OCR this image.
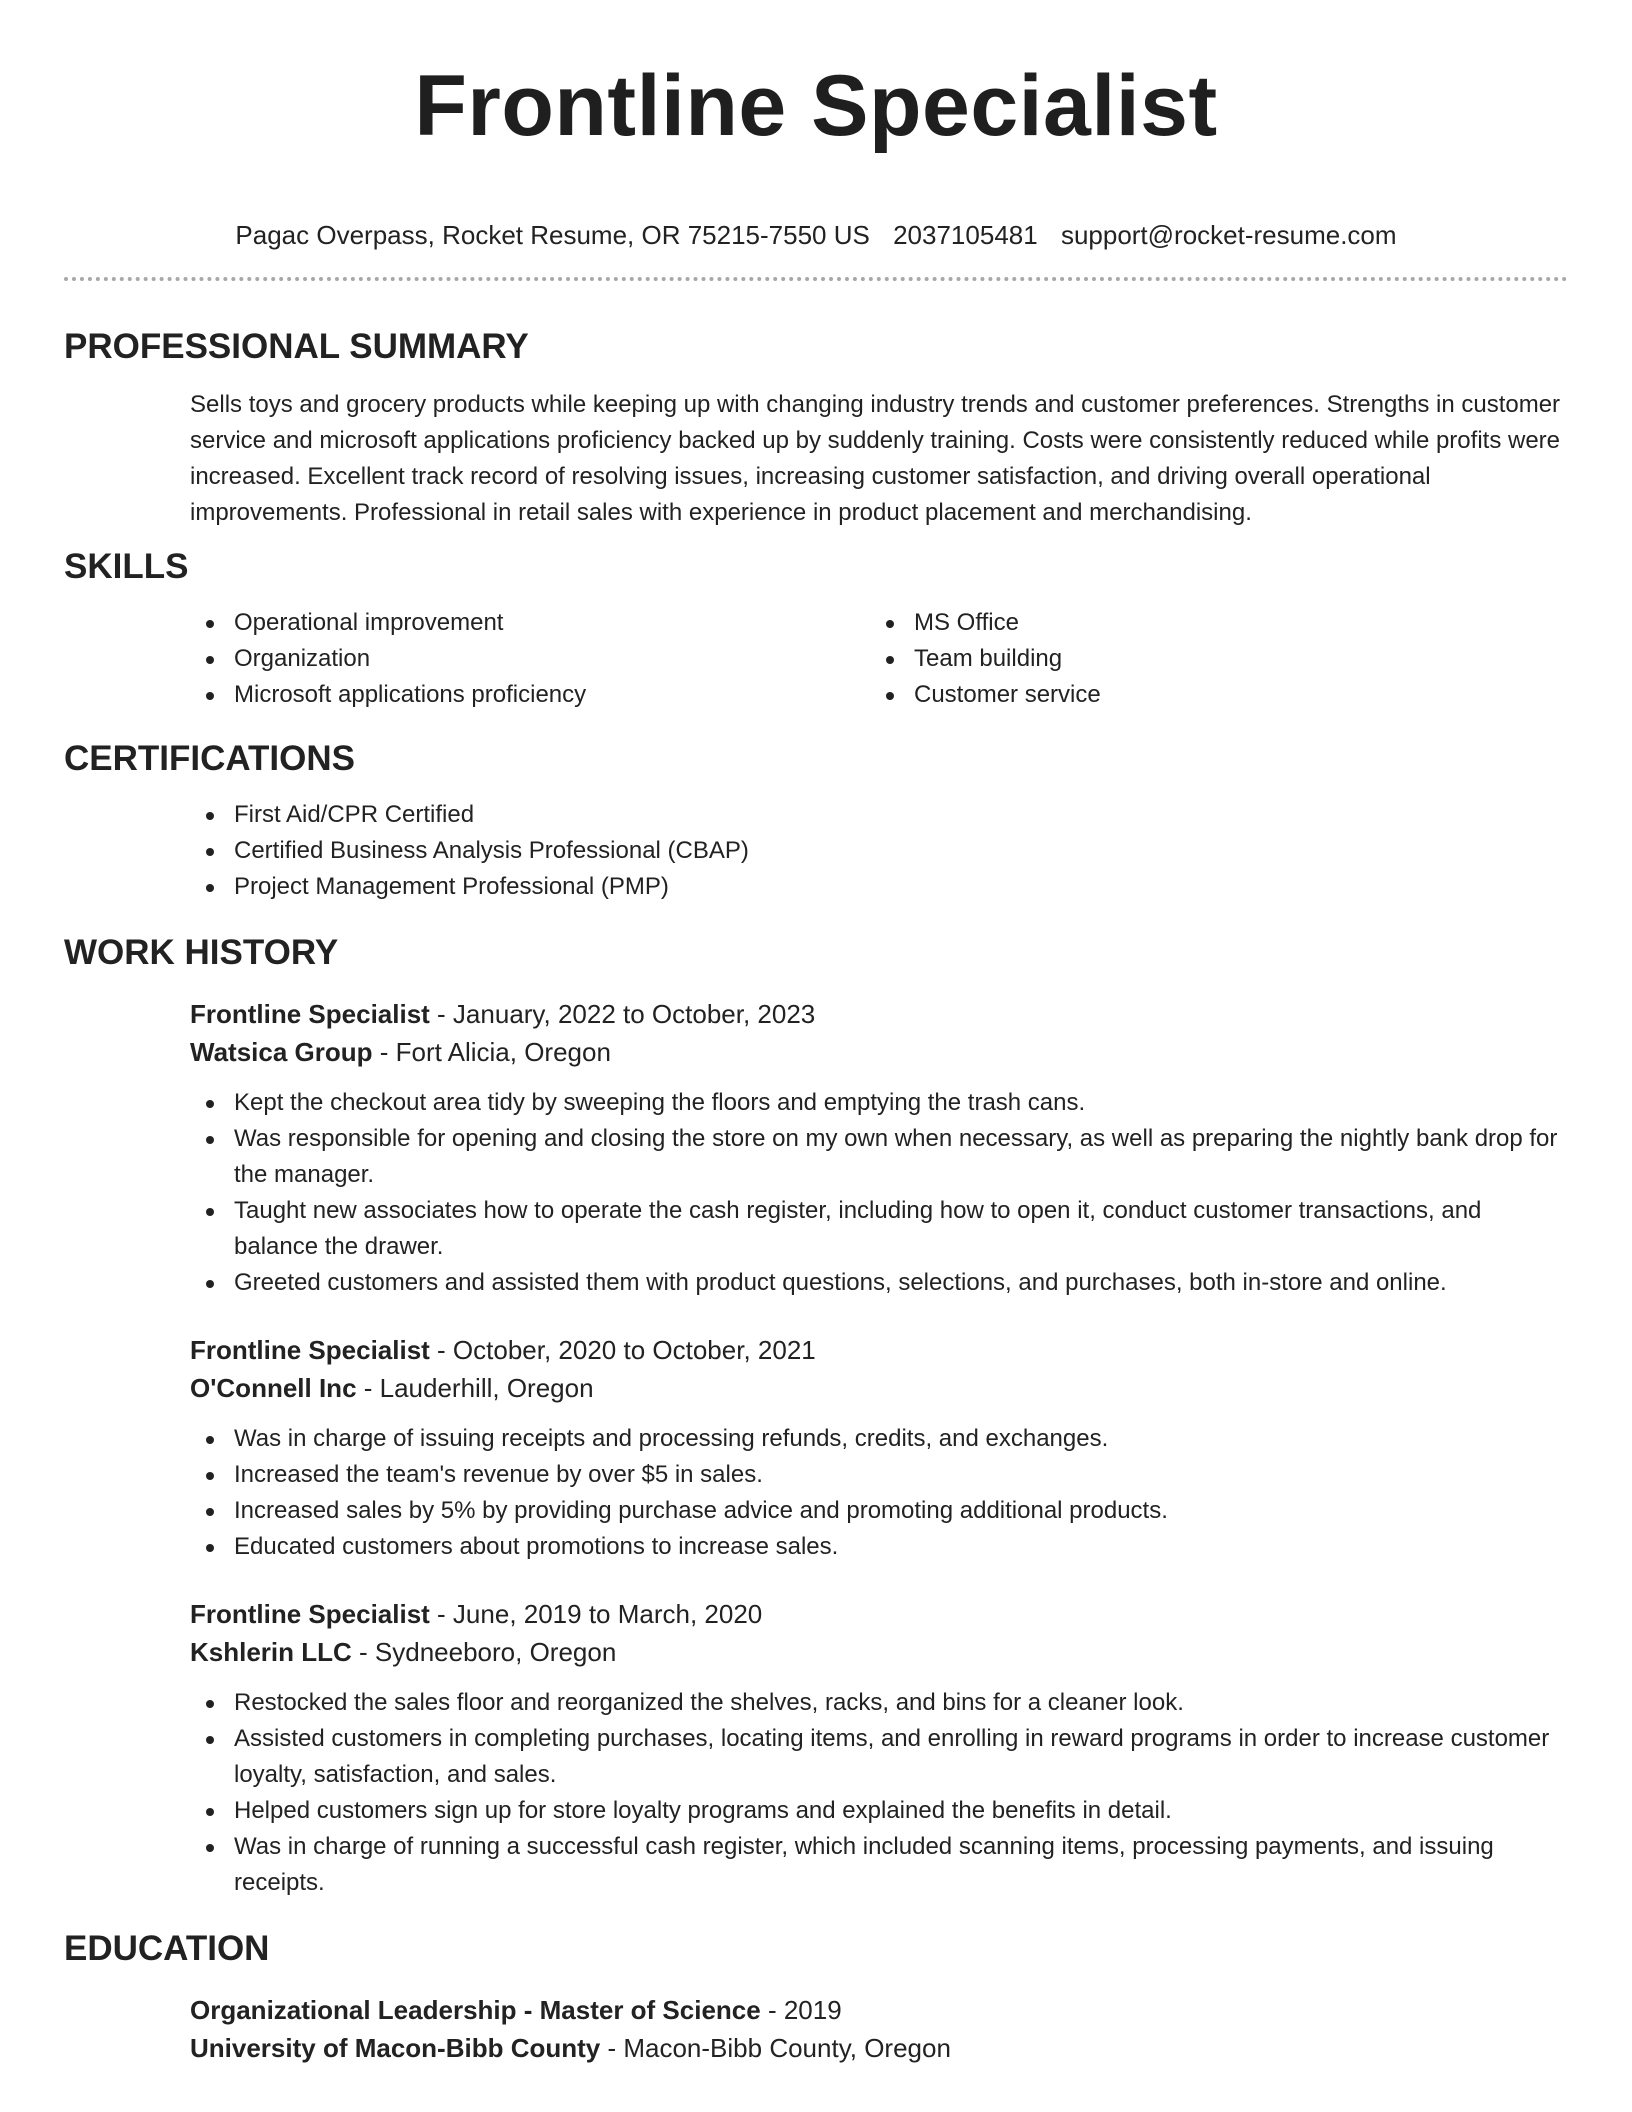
Frontline Specialist
Pagac Overpass, Rocket Resume, OR 75215-7550 US 2037105481 support@rocket-resume.com
PROFESSIONAL SUMMARY

Sells toys and grocery products while keeping up with changing industry trends and customer preferences. Strengths in customer service and microsoft applications proficiency backed up by suddenly training. Costs were consistently reduced while profits were increased. Excellent track record of resolving issues, increasing customer satisfaction, and driving overall operational improvements. Professional in retail sales with experience in product placement and merchandising.

SKILLS
Operational improvement
Organization
Microsoft applications proficiency
MS Office
Team building
Customer service
CERTIFICATIONS
First Aid/CPR Certified
Certified Business Analysis Professional (CBAP)
Project Management Professional (PMP)
WORK HISTORY
Frontline Specialist - January, 2022 to October, 2023
Watsica Group - Fort Alicia, Oregon
Kept the checkout area tidy by sweeping the floors and emptying the trash cans.
Was responsible for opening and closing the store on my own when necessary, as well as preparing the nightly bank drop for the manager.
Taught new associates how to operate the cash register, including how to open it, conduct customer transactions, and balance the drawer.
Greeted customers and assisted them with product questions, selections, and purchases, both in-store and online.
Frontline Specialist - October, 2020 to October, 2021
O'Connell Inc - Lauderhill, Oregon
Was in charge of issuing receipts and processing refunds, credits, and exchanges.
Increased the team's revenue by over $5 in sales.
Increased sales by 5% by providing purchase advice and promoting additional products.
Educated customers about promotions to increase sales.
Frontline Specialist - June, 2019 to March, 2020
Kshlerin LLC - Sydneeboro, Oregon
Restocked the sales floor and reorganized the shelves, racks, and bins for a cleaner look.
Assisted customers in completing purchases, locating items, and enrolling in reward programs in order to increase customer loyalty, satisfaction, and sales.
Helped customers sign up for store loyalty programs and explained the benefits in detail.
Was in charge of running a successful cash register, which included scanning items, processing payments, and issuing receipts.
EDUCATION
Organizational Leadership - Master of Science - 2019
University of Macon-Bibb County - Macon-Bibb County, Oregon
